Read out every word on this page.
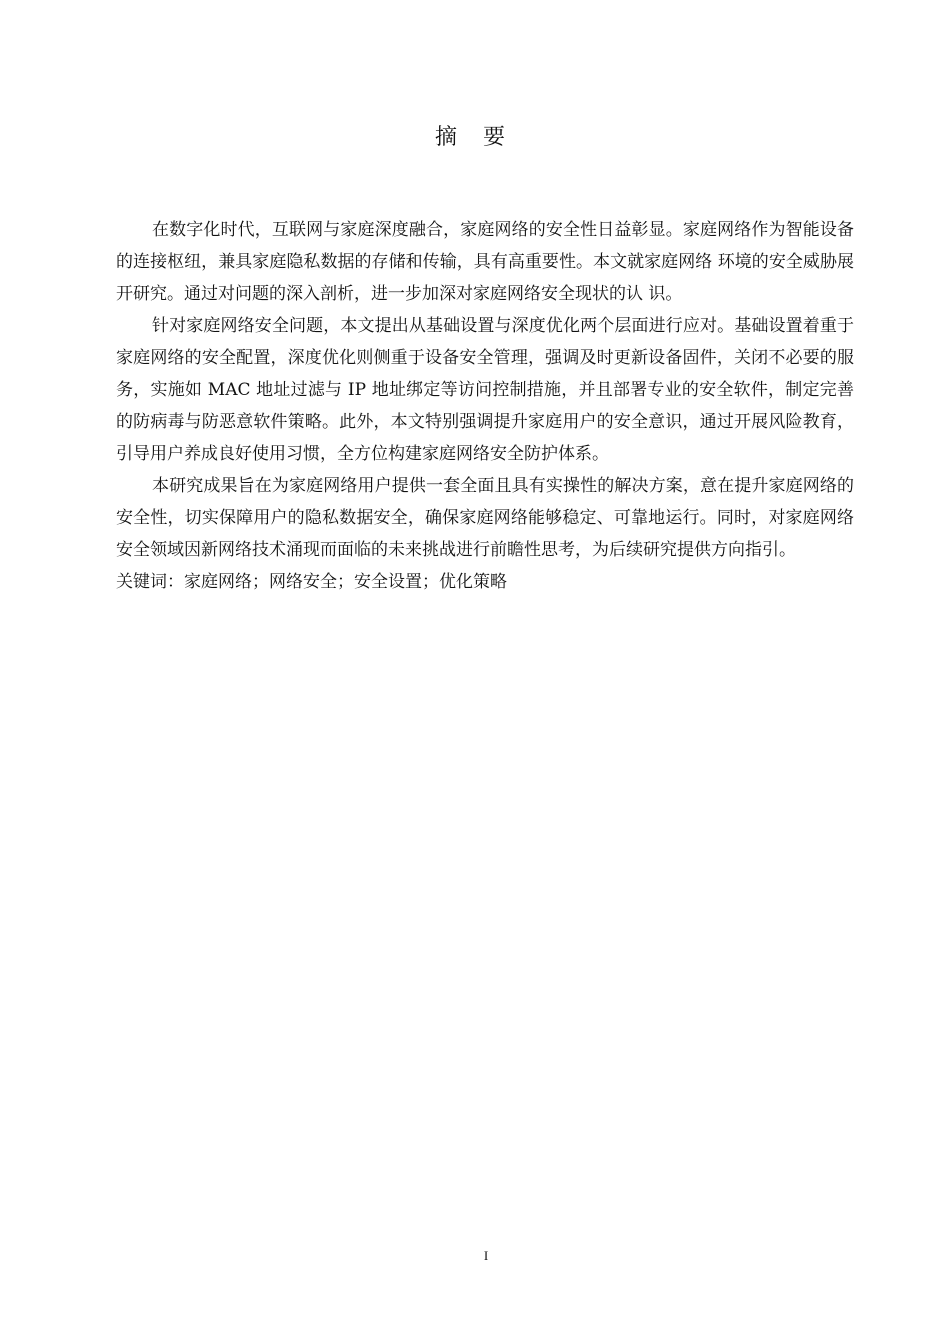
摘要

在数字化时代，互联网与家庭深度融合，家庭网络的安全性日益彰显。家庭网络作为智能设备的连接枢纽，兼具家庭隐私数据的存储和传输，具有高重要性。本文就家庭网络 环境的安全威胁展开研究。通过对问题的深入剖析，进一步加深对家庭网络安全现状的认 识。

针对家庭网络安全问题，本文提出从基础设置与深度优化两个层面进行应对。基础设置着重于家庭网络的安全配置，深度优化则侧重于设备安全管理，强调及时更新设备固件，关闭不必要的服务，实施如 MAC 地址过滤与 IP 地址绑定等访问控制措施，并且部署专业的安全软件，制定完善的防病毒与防恶意软件策略。此外，本文特别强调提升家庭用户的安全意识，通过开展风险教育，引导用户养成良好使用习惯，全方位构建家庭网络安全防护体系。

本研究成果旨在为家庭网络用户提供一套全面且具有实操性的解决方案，意在提升家庭网络的安全性，切实保障用户的隐私数据安全，确保家庭网络能够稳定、可靠地运行。同时，对家庭网络安全领域因新网络技术涌现而面临的未来挑战进行前瞻性思考，为后续研究提供方向指引。

关键词：家庭网络；网络安全；安全设置；优化策略

I
